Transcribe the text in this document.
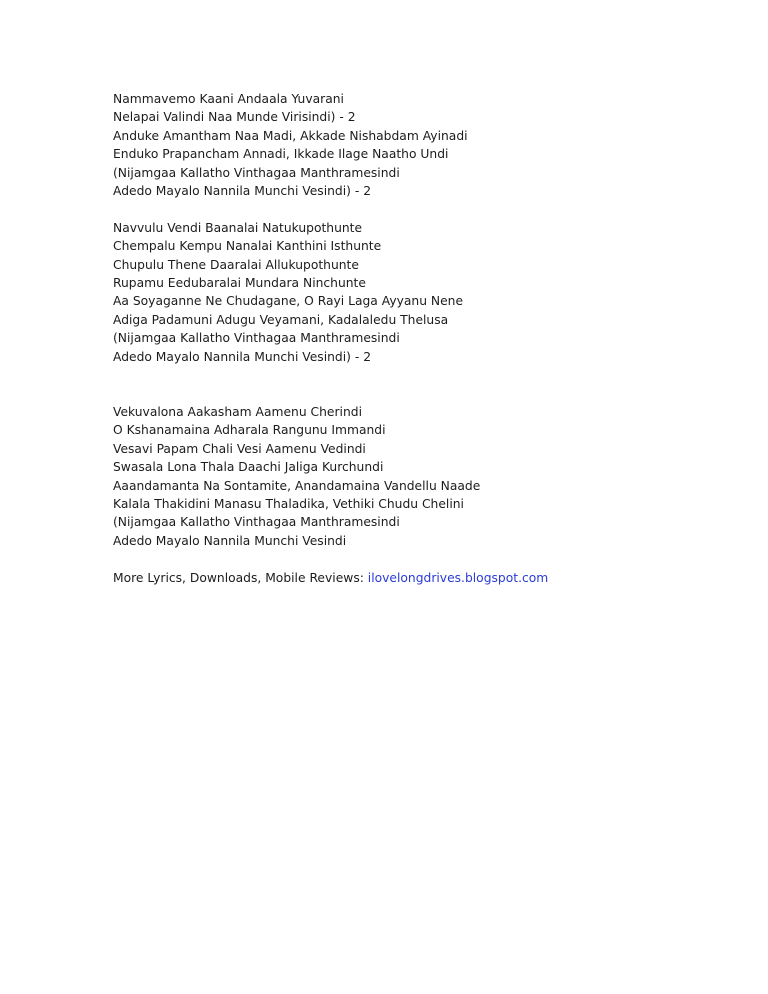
Nammavemo Kaani Andaala Yuvarani
Nelapai Valindi Naa Munde Virisindi) - 2
Anduke Amantham Naa Madi, Akkade Nishabdam Ayinadi
Enduko Prapancham Annadi, Ikkade Ilage Naatho Undi
(Nijamgaa Kallatho Vinthagaa Manthramesindi
Adedo Mayalo Nannila Munchi Vesindi) - 2
Navvulu Vendi Baanalai Natukupothunte
Chempalu Kempu Nanalai Kanthini Isthunte
Chupulu Thene Daaralai Allukupothunte
Rupamu Eedubaralai Mundara Ninchunte
Aa Soyaganne Ne Chudagane, O Rayi Laga Ayyanu Nene
Adiga Padamuni Adugu Veyamani, Kadalaledu Thelusa
(Nijamgaa Kallatho Vinthagaa Manthramesindi
Adedo Mayalo Nannila Munchi Vesindi) - 2
Vekuvalona Aakasham Aamenu Cherindi
O Kshanamaina Adharala Rangunu Immandi
Vesavi Papam Chali Vesi Aamenu Vedindi
Swasala Lona Thala Daachi Jaliga Kurchundi
Aaandamanta Na Sontamite, Anandamaina Vandellu Naade
Kalala Thakidini Manasu Thaladika, Vethiki Chudu Chelini
(Nijamgaa Kallatho Vinthagaa Manthramesindi
Adedo Mayalo Nannila Munchi Vesindi
More Lyrics, Downloads, Mobile Reviews: ilovelongdrives.blogspot.com
